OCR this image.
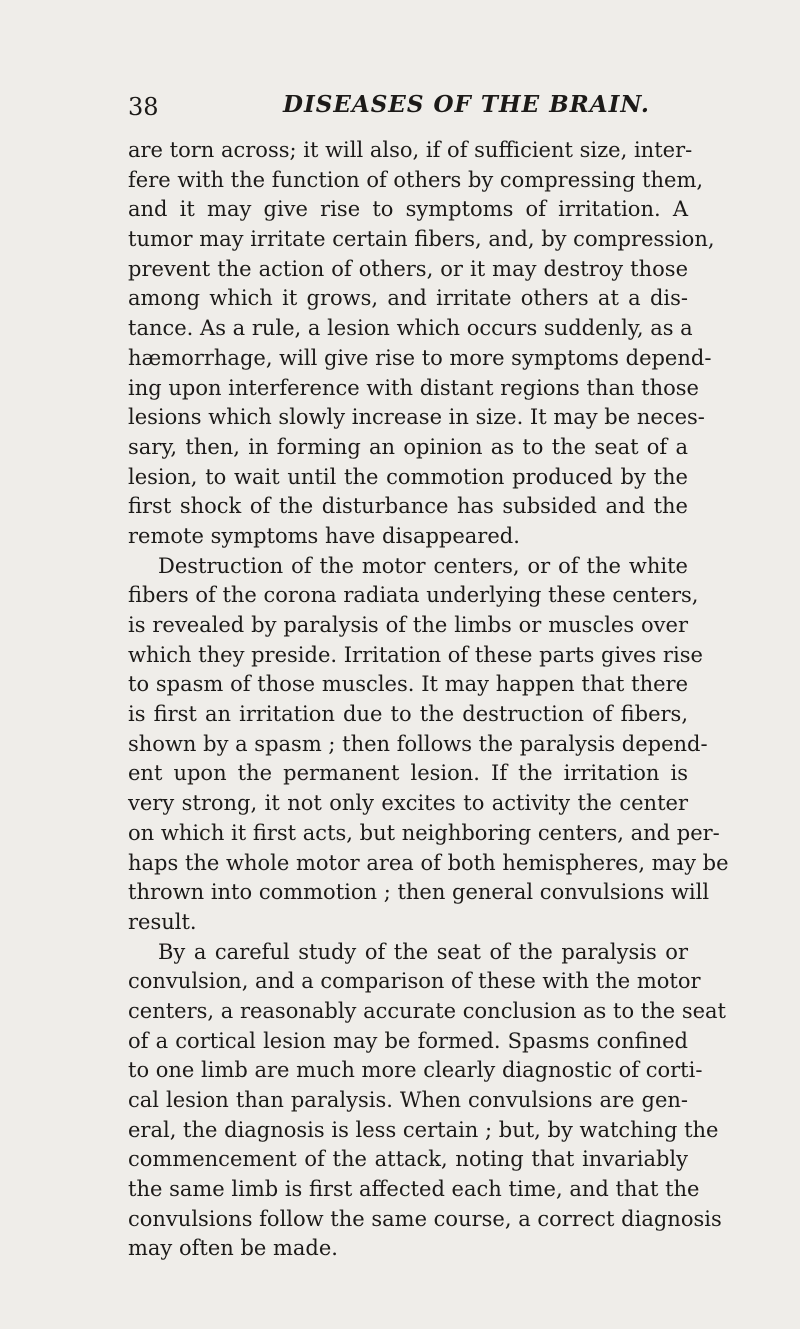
38	DISEASES OF THE BRAIN.
are torn across; it will also, if of sufficient size, inter-
fere with the function of others by compressing them,
and it may give rise to symptoms of irritation. A
tumor may irritate certain fibers, and, by compression,
prevent the action of others, or it may destroy those
among which it grows, and irritate others at a dis-
tance. As a rule, a lesion which occurs suddenly, as a
hæmorrhage, will give rise to more symptoms depend-
ing upon interference with distant regions than those
lesions which slowly increase in size. It may be neces-
sary, then, in forming an opinion as to the seat of a
lesion, to wait until the commotion produced by the
first shock of the disturbance has subsided and the
remote symptoms have disappeared.
Destruction of the motor centers, or of the white
fibers of the corona radiata underlying these centers,
is revealed by paralysis of the limbs or muscles over
which they preside. Irritation of these parts gives rise
to spasm of those muscles. It may happen that there
is first an irritation due to the destruction of fibers,
shown by a spasm ; then follows the paralysis depend-
ent upon the permanent lesion. If the irritation is
very strong, it not only excites to activity the center
on which it first acts, but neighboring centers, and per-
haps the whole motor area of both hemispheres, may be
thrown into commotion ; then general convulsions will
result.
By a careful study of the seat of the paralysis or
convulsion, and a comparison of these with the motor
centers, a reasonably accurate conclusion as to the seat
of a cortical lesion may be formed. Spasms confined
to one limb are much more clearly diagnostic of corti-
cal lesion than paralysis. When convulsions are gen-
eral, the diagnosis is less certain ; but, by watching the
commencement of the attack, noting that invariably
the same limb is first affected each time, and that the
convulsions follow the same course, a correct diagnosis
may often be made.
